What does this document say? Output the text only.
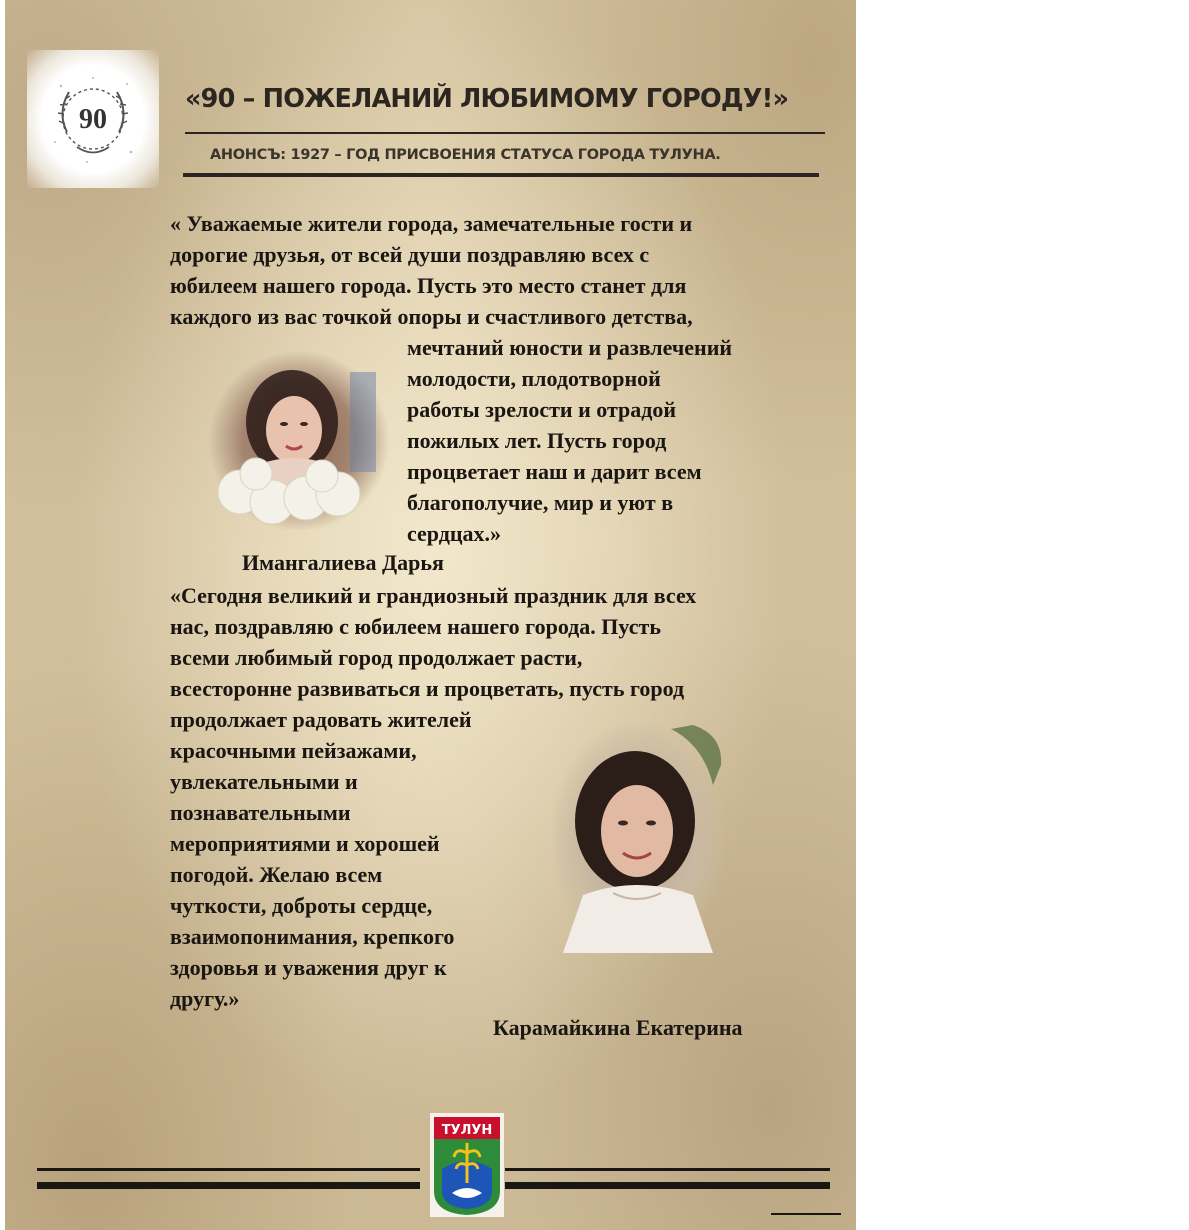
90
«90 – ПОЖЕЛАНИЙ ЛЮБИМОМУ ГОРОДУ!»
АНОНСЪ: 1927 – ГОД ПРИСВОЕНИЯ СТАТУСА ГОРОДА ТУЛУНА.
« Уважаемые жители города, замечательные гости и
дорогие друзья, от всей души поздравляю всех с
юбилеем нашего города. Пусть это место станет для
каждого из вас точкой опоры и счастливого детства,
мечтаний юности и развлечений
молодости, плодотворной
работы зрелости и отрадой
пожилых лет. Пусть город
процветает наш и дарит всем
благополучие, мир и уют в
сердцах.»
Имангалиева Дарья
«Сегодня великий и грандиозный праздник для всех
нас, поздравляю с юбилеем нашего города. Пусть
всеми любимый город продолжает расти,
всесторонне развиваться и процветать, пусть город
продолжает радовать жителей
красочными пейзажами,
увлекательными и
познавательными
мероприятиями и хорошей
погодой. Желаю всем
чуткости, доброты сердце,
взаимопонимания, крепкого
здоровья и уважения друг к
другу.»
Карамайкина Екатерина
ТУЛУН
